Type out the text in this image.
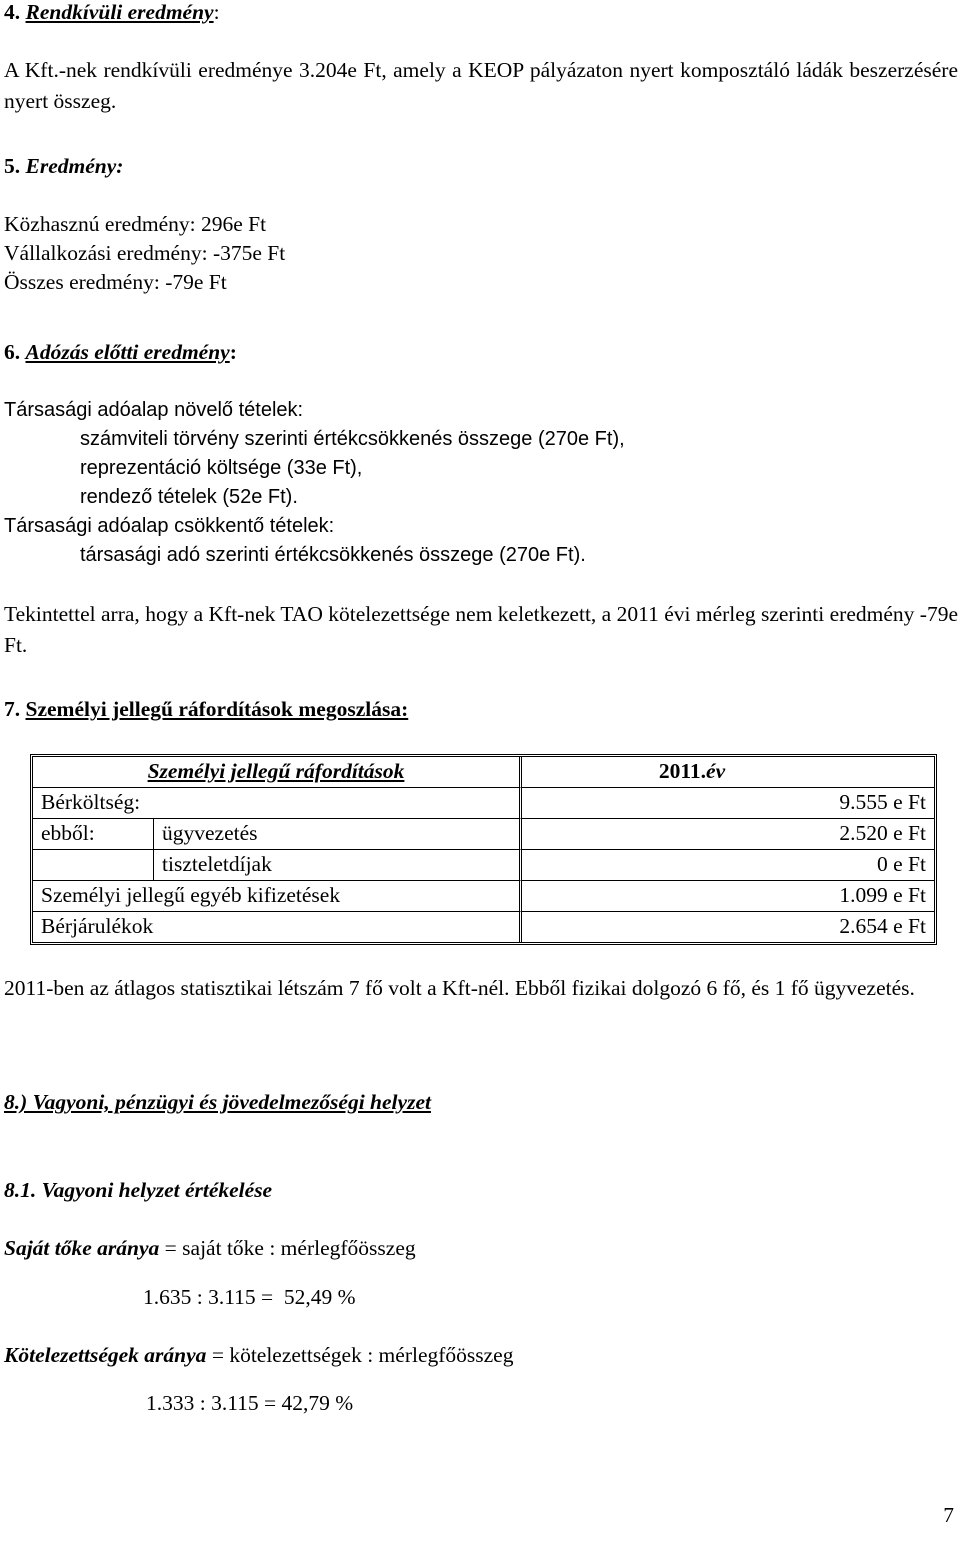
4. Rendkívüli eredmény:

A Kft.-nek rendkívüli eredménye 3.204e Ft, amely a KEOP pályázaton nyert komposztáló ládák beszerzésére nyert összeg.

5. Eredmény:

Közhasznú eredmény: 296e Ft

Vállalkozási eredmény: -375e Ft

Összes eredmény: -79e Ft

6. Adózás előtti eredmény:

Társasági adóalap növelő tételek:

számviteli törvény szerinti értékcsökkenés összege (270e Ft),

reprezentáció költsége (33e Ft),

rendező tételek (52e Ft).

Társasági adóalap csökkentő tételek:

társasági adó szerinti értékcsökkenés összege (270e Ft).

Tekintettel arra, hogy a Kft-nek TAO kötelezettsége nem keletkezett, a 2011 évi mérleg szerinti eredmény -79e Ft.

7. Személyi jellegű ráfordítások megoszlása:

Személyi jellegű ráfordítások		2011.év
Bérköltség:		9.555 e Ft
ebből:	ügyvezetés	2.520 e Ft
	tiszteletdíjak	0 e Ft
Személyi jellegű egyéb kifizetések		1.099 e Ft
Bérjárulékok		2.654 e Ft

2011-ben az átlagos statisztikai létszám 7 fő volt a Kft-nél. Ebből fizikai dolgozó 6 fő, és 1 fő ügyvezetés.

8.) Vagyoni, pénzügyi és jövedelmezőségi helyzet

8.1. Vagyoni helyzet értékelése

Saját tőke aránya = saját tőke : mérlegfőösszeg

1.635 : 3.115 =  52,49 %

Kötelezettségek aránya = kötelezettségek : mérlegfőösszeg

1.333 : 3.115 = 42,79 %

7
